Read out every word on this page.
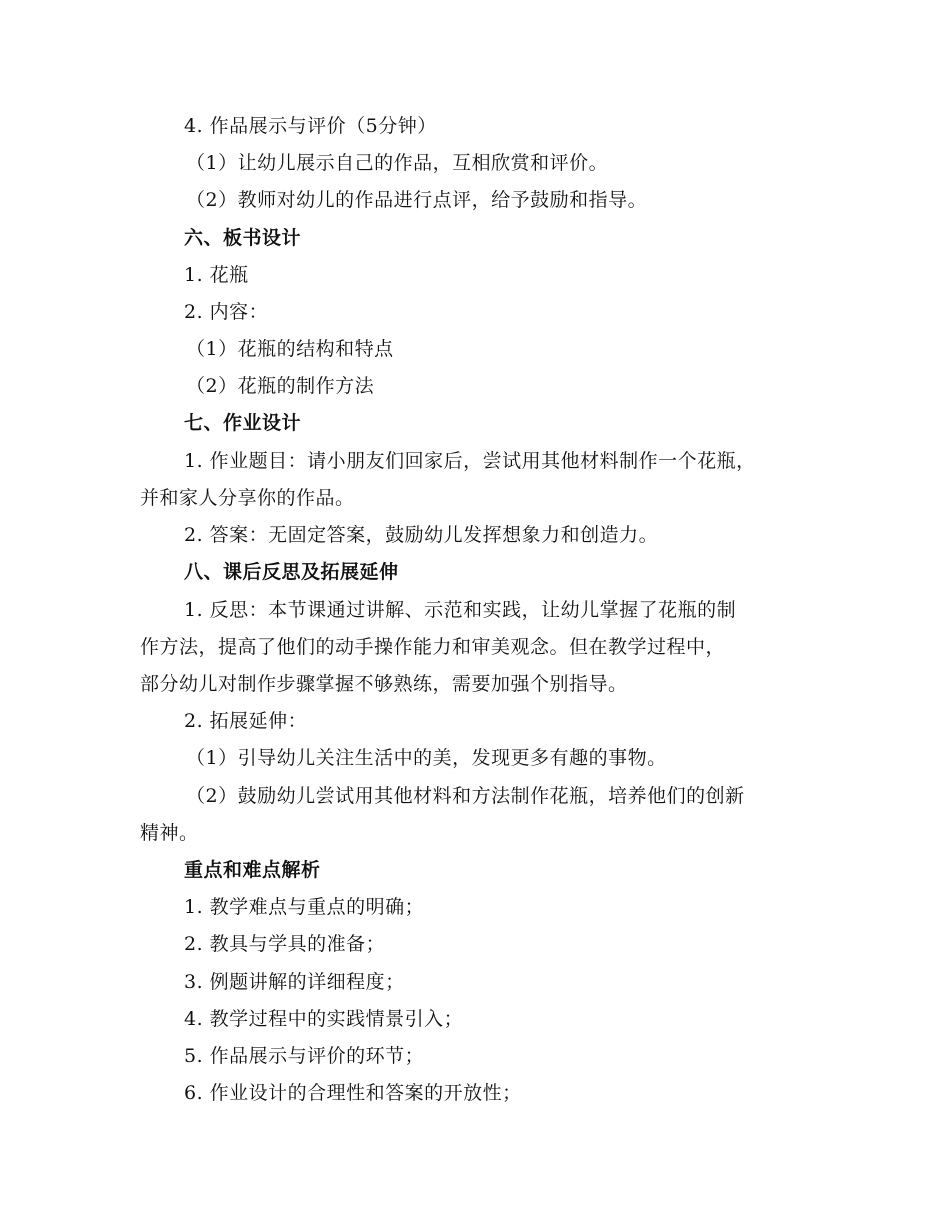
4. 作品展示与评价（5分钟）
（1）让幼儿展示自己的作品，互相欣赏和评价。
（2）教师对幼儿的作品进行点评，给予鼓励和指导。
六、板书设计
1. 花瓶
2. 内容：
（1）花瓶的结构和特点
（2）花瓶的制作方法
七、作业设计
1. 作业题目：请小朋友们回家后，尝试用其他材料制作一个花瓶，
并和家人分享你的作品。
2. 答案：无固定答案，鼓励幼儿发挥想象力和创造力。
八、课后反思及拓展延伸
1. 反思：本节课通过讲解、示范和实践，让幼儿掌握了花瓶的制
作方法，提高了他们的动手操作能力和审美观念。但在教学过程中，
部分幼儿对制作步骤掌握不够熟练，需要加强个别指导。
2. 拓展延伸：
（1）引导幼儿关注生活中的美，发现更多有趣的事物。
（2）鼓励幼儿尝试用其他材料和方法制作花瓶，培养他们的创新
精神。
重点和难点解析
1. 教学难点与重点的明确；
2. 教具与学具的准备；
3. 例题讲解的详细程度；
4. 教学过程中的实践情景引入；
5. 作品展示与评价的环节；
6. 作业设计的合理性和答案的开放性；
